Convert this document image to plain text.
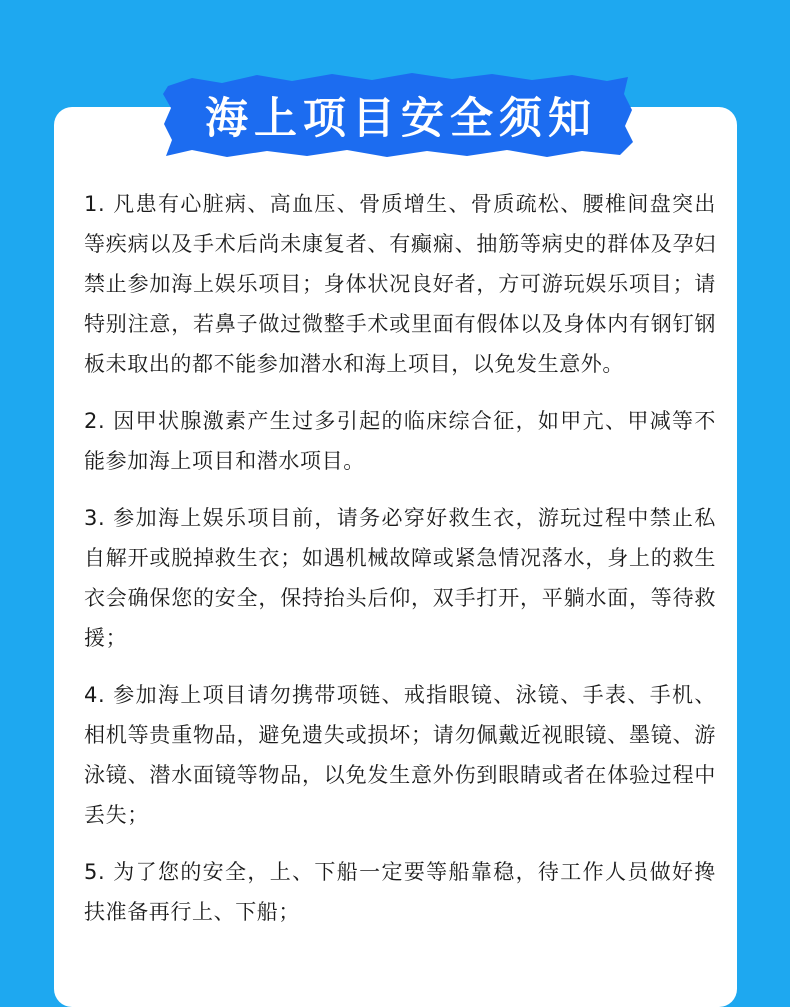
海上项目安全须知

1. 凡患有心脏病、高血压、骨质增生、骨质疏松、腰椎间盘突出等疾病以及手术后尚未康复者、有癫痫、抽筋等病史的群体及孕妇禁止参加海上娱乐项目；身体状况良好者，方可游玩娱乐项目；请特别注意，若鼻子做过微整手术或里面有假体以及身体内有钢钉钢板未取出的都不能参加潜水和海上项目，以免发生意外。

2. 因甲状腺激素产生过多引起的临床综合征，如甲亢、甲减等不能参加海上项目和潜水项目。

3. 参加海上娱乐项目前，请务必穿好救生衣，游玩过程中禁止私自解开或脱掉救生衣；如遇机械故障或紧急情况落水，身上的救生衣会确保您的安全，保持抬头后仰，双手打开，平躺水面，等待救援；

4. 参加海上项目请勿携带项链、戒指眼镜、泳镜、手表、手机、相机等贵重物品，避免遗失或损坏；请勿佩戴近视眼镜、墨镜、游泳镜、潜水面镜等物品，以免发生意外伤到眼睛或者在体验过程中丢失；

5. 为了您的安全，上、下船一定要等船靠稳，待工作人员做好搀扶准备再行上、下船；
